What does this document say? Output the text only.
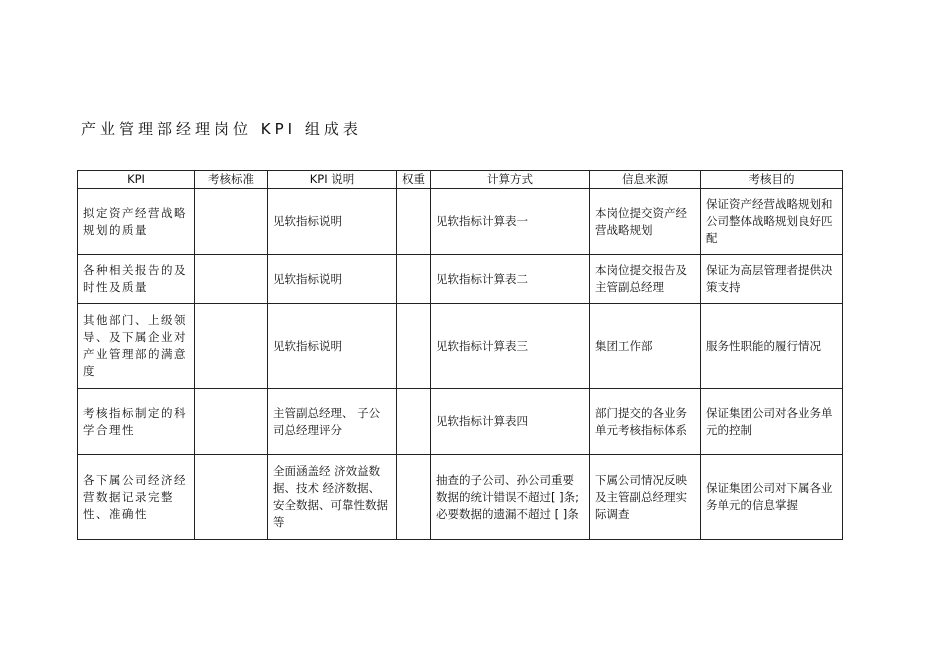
产业管理部经理岗位 KPI 组成表
KPI	考核标准	KPI 说明	权重	计算方式	信息来源	考核目的
拟定资产经营战略规划的质量		见软指标说明		见软指标计算表一	本岗位提交资产经营战略规划	保证资产经营战略规划和公司整体战略规划良好匹配
各种相关报告的及时性及质量		见软指标说明		见软指标计算表二	本岗位提交报告及主管副总经理	保证为高层管理者提供决策支持
其他部门、上级领导、及下属企业对产业管理部的满意度		见软指标说明		见软指标计算表三	集团工作部	服务性职能的履行情况
考核指标制定的科学合理性		主管副总经理、 子公司总经理评分		见软指标计算表四	部门提交的各业务单元考核指标体系	保证集团公司对各业务单元的控制
各下属公司经济经营数据记录完整性、准确性		全面涵盖经 济效益数据、技术 经济数据、安全数据、可靠性数据等		抽查的子公司、孙公司重要数据的统计错误不超过[ ]条; 必要数据的遗漏不超过 [ ]条	下属公司情况反映及主管副总经理实际调查	保证集团公司对下属各业务单元的信息掌握
